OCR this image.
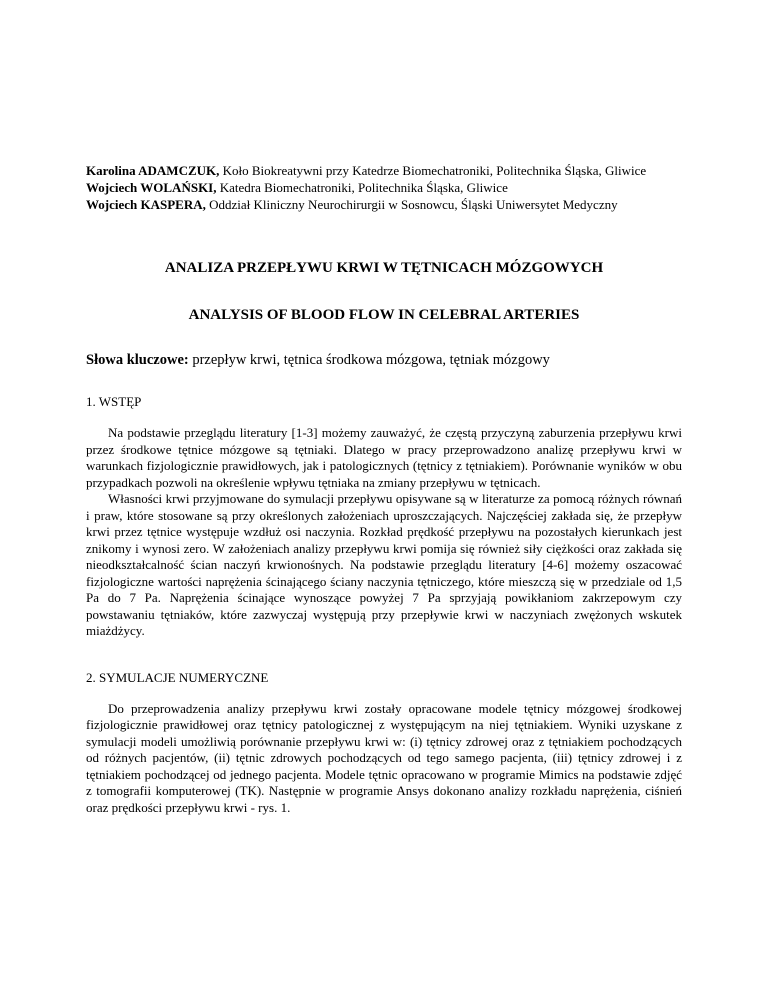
Karolina ADAMCZUK, Koło Biokreatywni przy Katedrze Biomechatroniki, Politechnika Śląska, Gliwice

Wojciech WOLAŃSKI, Katedra Biomechatroniki, Politechnika Śląska, Gliwice

Wojciech KASPERA, Oddział Kliniczny Neurochirurgii w Sosnowcu, Śląski Uniwersytet Medyczny

ANALIZA PRZEPŁYWU KRWI W TĘTNICACH MÓZGOWYCH
ANALYSIS OF BLOOD FLOW IN CELEBRAL ARTERIES

Słowa kluczowe: przepływ krwi, tętnica środkowa mózgowa, tętniak mózgowy

1. WSTĘP

Na podstawie przeglądu literatury [1-3] możemy zauważyć, że częstą przyczyną zaburzenia przepływu krwi przez środkowe tętnice mózgowe są tętniaki. Dlatego w pracy przeprowadzono analizę przepływu krwi w warunkach fizjologicznie prawidłowych, jak i patologicznych (tętnicy z tętniakiem). Porównanie wyników w obu przypadkach pozwoli na określenie wpływu tętniaka na zmiany przepływu w tętnicach.

Własności krwi przyjmowane do symulacji przepływu opisywane są w literaturze za pomocą różnych równań i praw, które stosowane są przy określonych założeniach uproszczających. Najczęściej zakłada się, że przepływ krwi przez tętnice występuje wzdłuż osi naczynia. Rozkład prędkość przepływu na pozostałych kierunkach jest znikomy i wynosi zero. W założeniach analizy przepływu krwi pomija się również siły ciężkości oraz zakłada się nieodkształcalność ścian naczyń krwionośnych. Na podstawie przeglądu literatury [4-6] możemy oszacować fizjologiczne wartości naprężenia ścinającego ściany naczynia tętniczego, które mieszczą się w przedziale od 1,5 Pa do 7 Pa. Naprężenia ścinające wynoszące powyżej 7 Pa sprzyjają powikłaniom zakrzepowym czy powstawaniu tętniaków, które zazwyczaj występują przy przepływie krwi w naczyniach zwężonych wskutek miażdżycy.

2. SYMULACJE NUMERYCZNE

Do przeprowadzenia analizy przepływu krwi zostały opracowane modele tętnicy mózgowej środkowej fizjologicznie prawidłowej oraz tętnicy patologicznej z występującym na niej tętniakiem. Wyniki uzyskane z symulacji modeli umożliwią porównanie przepływu krwi w: (i) tętnicy zdrowej oraz z tętniakiem pochodzących od różnych pacjentów, (ii) tętnic zdrowych pochodzących od tego samego pacjenta, (iii) tętnicy zdrowej i z tętniakiem pochodzącej od jednego pacjenta. Modele tętnic opracowano w programie Mimics na podstawie zdjęć z tomografii komputerowej (TK). Następnie w programie Ansys dokonano analizy rozkładu naprężenia, ciśnień oraz prędkości przepływu krwi - rys. 1.
